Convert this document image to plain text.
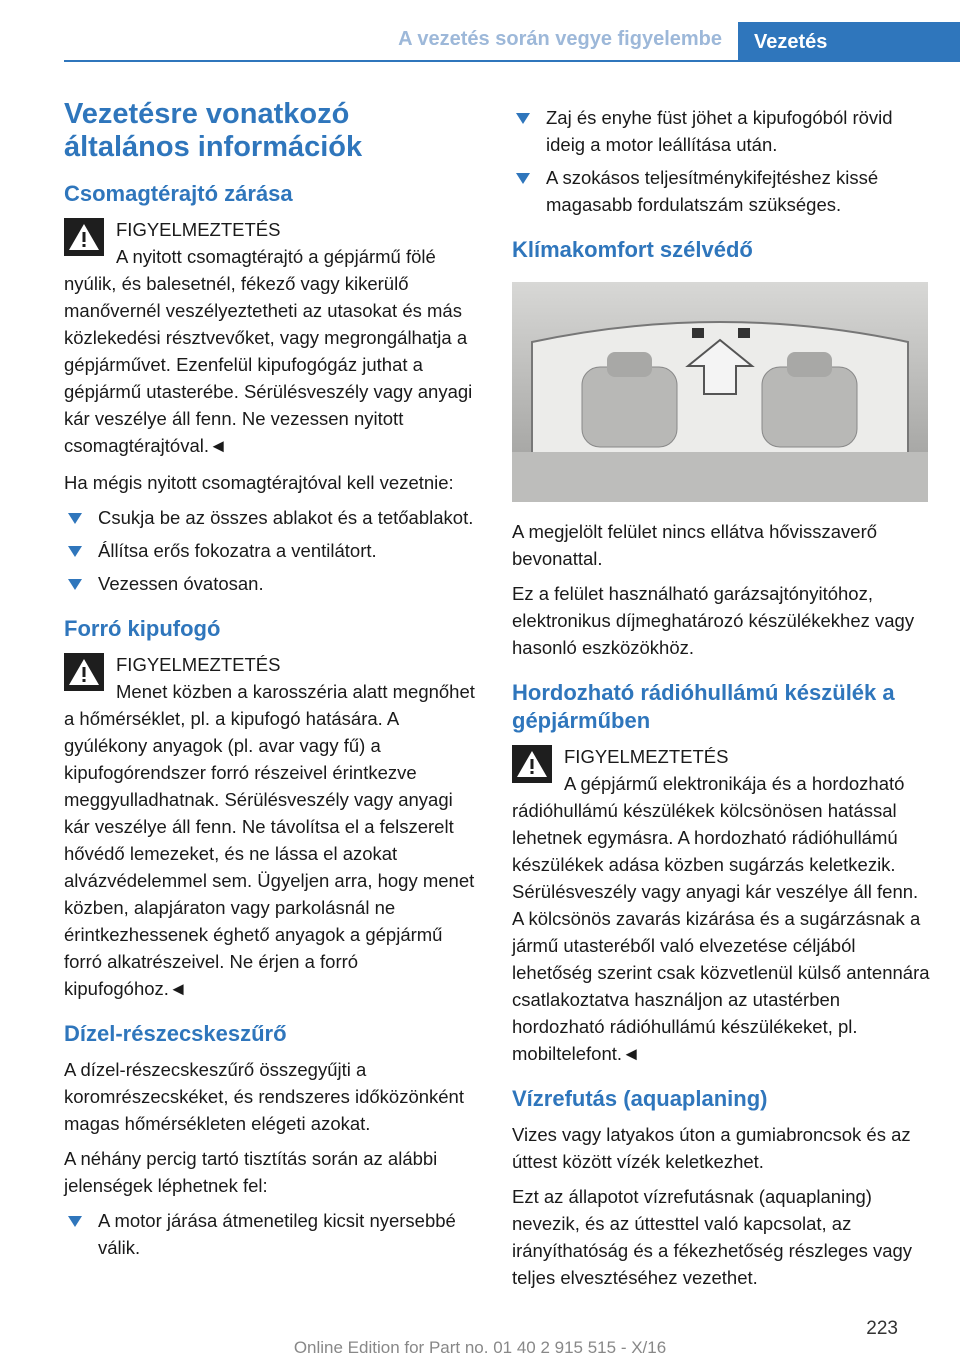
A vezetés során vegye figyelembe	Vezetés
Vezetésre vonatkozó általános információk
Csomagtérajtó zárása
FIGYELMEZTETÉS
A nyitott csomagtérajtó a gépjármű fölé nyúlik, és balesetnél, fékező vagy kikerülő manővernél veszélyeztetheti az utasokat és más közlekedési résztvevőket, vagy megrongálhatja a gépjárművet. Ezenfelül kipufogógáz juthat a gépjármű utasterébe. Sérülésveszély vagy anyagi kár veszélye áll fenn. Ne vezessen nyitott csomagtérajtóval.◄

Ha mégis nyitott csomagtérajtóval kell vezetnie:

Csukja be az összes ablakot és a tetőablakot.
Állítsa erős fokozatra a ventilátort.
Vezessen óvatosan.
Forró kipufogó
FIGYELMEZTETÉS
Menet közben a karosszéria alatt megnőhet a hőmérséklet, pl. a kipufogó hatására. A gyúlékony anyagok (pl. avar vagy fű) a kipufogórendszer forró részeivel érintkezve meggyulladhatnak. Sérülésveszély vagy anyagi kár veszélye áll fenn. Ne távolítsa el a felszerelt hővédő lemezeket, és ne lássa el azokat alvázvédelemmel sem. Ügyeljen arra, hogy menet közben, alapjáraton vagy parkolásnál ne érintkezhessenek éghető anyagok a gépjármű forró alkatrészeivel. Ne érjen a forró kipufogóhoz.◄
Dízel-részecskeszűrő

A dízel-részecskeszűrő összegyűjti a koromrészecskéket, és rendszeres időközönként magas hőmérsékleten elégeti azokat.

A néhány percig tartó tisztítás során az alábbi jelenségek léphetnek fel:

A motor járása átmenetileg kicsit nyersebbé válik.
Zaj és enyhe füst jöhet a kipufogóból rövid ideig a motor leállítása után.
A szokásos teljesítménykifejtéshez kissé magasabb fordulatszám szükséges.
Klímakomfort szélvédő

A megjelölt felület nincs ellátva hővisszaverő bevonattal.

Ez a felület használható garázsajtónyitóhoz, elektronikus díjmeghatározó készülékekhez vagy hasonló eszközökhöz.

Hordozható rádióhullámú készülék a gépjárműben
FIGYELMEZTETÉS
A gépjármű elektronikája és a hordozható rádióhullámú készülékek kölcsönösen hatással lehetnek egymásra. A hordozható rádióhullámú készülékek adása közben sugárzás keletkezik. Sérülésveszély vagy anyagi kár veszélye áll fenn. A kölcsönös zavarás kizárása és a sugárzásnak a jármű utasteréből való elvezetése céljából lehetőség szerint csak közvetlenül külső antennára csatlakoztatva használjon az utastérben hordozható rádióhullámú készülékeket, pl. mobiltelefont.◄
Vízrefutás (aquaplaning)

Vizes vagy latyakos úton a gumiabroncsok és az úttest között vízék keletkezhet.

Ezt az állapotot vízrefutásnak (aquaplaning) nevezik, és az úttesttel való kapcsolat, az irányíthatóság és a fékezhetőség részleges vagy teljes elvesztéséhez vezethet.

223
Online Edition for Part no. 01 40 2 915 515 - X/16
